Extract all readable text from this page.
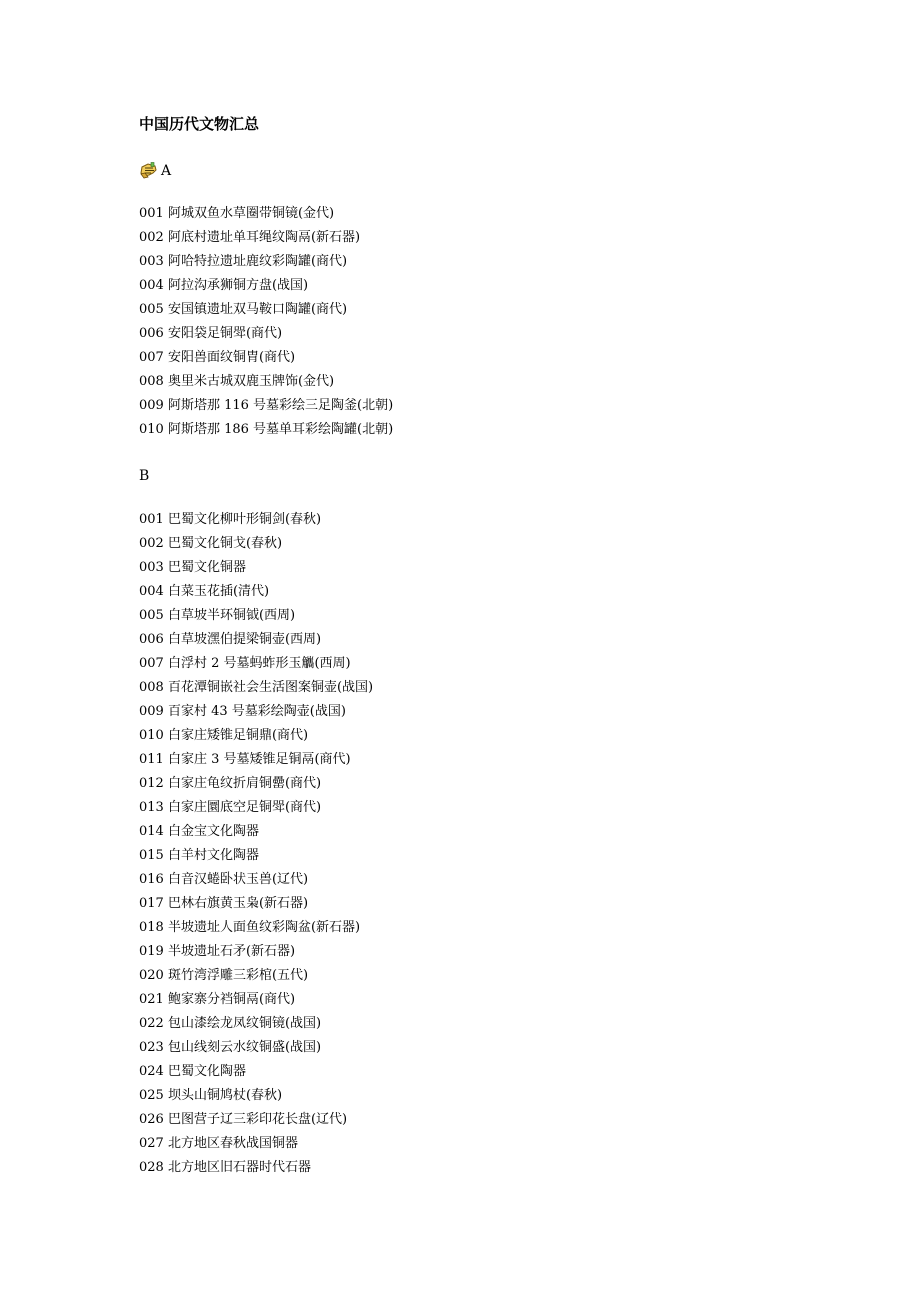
中国历代文物汇总
A
001 阿城双鱼水草圈带铜镜(金代)
002 阿底村遗址单耳绳纹陶鬲(新石器)
003 阿哈特拉遗址鹿纹彩陶罐(商代)
004 阿拉沟承狮铜方盘(战国)
005 安国镇遗址双马鞍口陶罐(商代)
006 安阳袋足铜斝(商代)
007 安阳兽面纹铜胄(商代)
008 奥里米古城双鹿玉牌饰(金代)
009 阿斯塔那 116 号墓彩绘三足陶釜(北朝)
010 阿斯塔那 186 号墓单耳彩绘陶罐(北朝)
B
001 巴蜀文化柳叶形铜剑(春秋)
002 巴蜀文化铜戈(春秋)
003 巴蜀文化铜器
004 白菜玉花插(清代)
005 白草坡半环铜钺(西周)
006 白草坡潶伯提梁铜壶(西周)
007 白浮村 2 号墓蚂蚱形玉觿(西周)
008 百花潭铜嵌社会生活图案铜壶(战国)
009 百家村 43 号墓彩绘陶壶(战国)
010 白家庄矮锥足铜鼎(商代)
011 白家庄 3 号墓矮锥足铜鬲(商代)
012 白家庄龟纹折肩铜罍(商代)
013 白家庄圜底空足铜斝(商代)
014 白金宝文化陶器
015 白羊村文化陶器
016 白音汉蜷卧状玉兽(辽代)
017 巴林右旗黄玉枭(新石器)
018 半坡遗址人面鱼纹彩陶盆(新石器)
019 半坡遗址石矛(新石器)
020 斑竹湾浮雕三彩棺(五代)
021 鲍家寨分裆铜鬲(商代)
022 包山漆绘龙凤纹铜镜(战国)
023 包山线刻云水纹铜盛(战国)
024 巴蜀文化陶器
025 坝头山铜鸠杖(春秋)
026 巴图营子辽三彩印花长盘(辽代)
027 北方地区春秋战国铜器
028 北方地区旧石器时代石器
